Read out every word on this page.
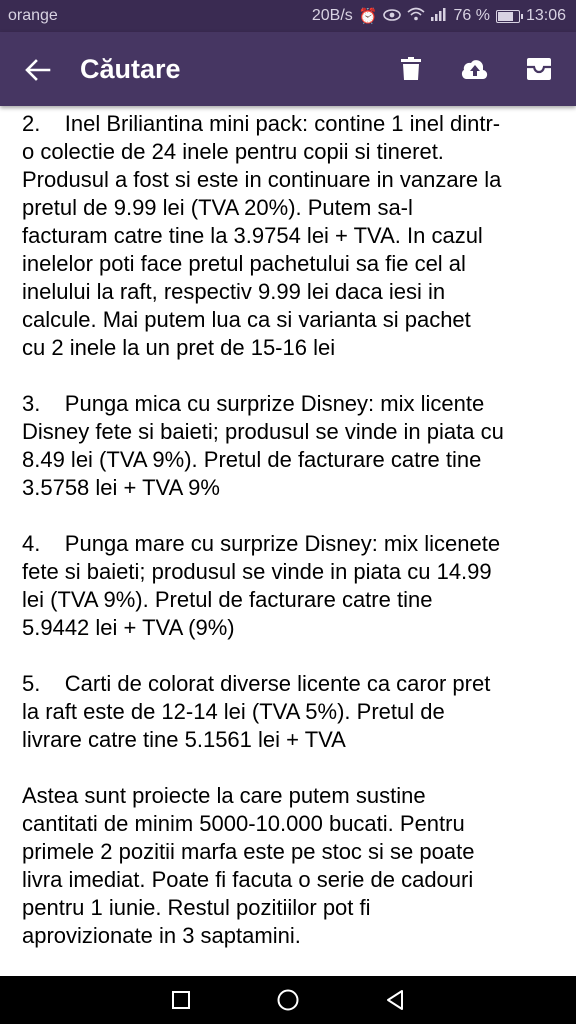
orange	20B/s ⏰	76 % 13:06
Căutare

2.    Inel Briliantina mini pack: contine 1 inel dintr-
o colectie de 24 inele pentru copii si tineret.
Produsul a fost si este in continuare in vanzare la
pretul de 9.99 lei (TVA 20%). Putem sa-l
facturam catre tine la 3.9754 lei + TVA. In cazul
inelelor poti face pretul pachetului sa fie cel al
inelului la raft, respectiv 9.99 lei daca iesi in
calcule. Mai putem lua ca si varianta si pachet
cu 2 inele la un pret de 15-16 lei

3.    Punga mica cu surprize Disney: mix licente
Disney fete si baieti; produsul se vinde in piata cu
8.49 lei (TVA 9%). Pretul de facturare catre tine
3.5758 lei + TVA 9%

4.    Punga mare cu surprize Disney: mix licenete
fete si baieti; produsul se vinde in piata cu 14.99
lei (TVA 9%). Pretul de facturare catre tine
5.9442 lei + TVA (9%)

5.    Carti de colorat diverse licente ca caror pret
la raft este de 12-14 lei (TVA 5%). Pretul de
livrare catre tine 5.1561 lei + TVA

Astea sunt proiecte la care putem sustine
cantitati de minim 5000-10.000 bucati. Pentru
primele 2 pozitii marfa este pe stoc si se poate
livra imediat. Poate fi facuta o serie de cadouri
pentru 1 iunie. Restul pozitiilor pot fi
aprovizionate in 3 saptamini.
